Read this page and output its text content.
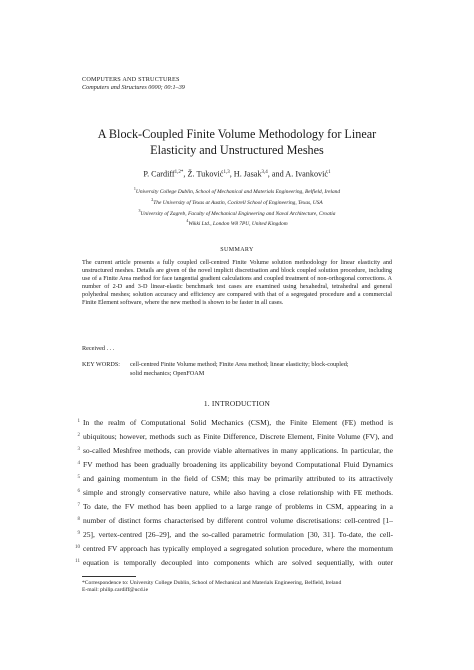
COMPUTERS AND STRUCTURES
Computers and Structures 0000; 00:1–39
A Block-Coupled Finite Volume Methodology for Linear
Elasticity and Unstructured Meshes
P. Cardiff$^{1,2*}$, Ž. Tuković$^{1,3}$, H. Jasak$^{3,4}$, and A. Ivanković$^1$
$^1$University College Dublin, School of Mechanical and Materials Engineering, Belfield, Ireland
$^2$The University of Texas at Austin, Cockrell School of Engineering, Texas, USA
$^3$University of Zagreb, Faculty of Mechanical Engineering and Naval Architecture, Croatia
$^4$Wikki Ltd., London W8 7PU, United Kingdom
SUMMARY
The current article presents a fully coupled cell-centred Finite Volume solution methodology for linear elasticity and unstructured meshes. Details are given of the novel implicit discretisation and block coupled solution procedure, including use of a Finite Area method for face tangential gradient calculations and coupled treatment of non-orthogonal corrections. A number of 2-D and 3-D linear-elastic benchmark test cases are examined using hexahedral, tetrahedral and general polyhedral meshes; solution accuracy and efficiency are compared with that of a segregated procedure and a commercial Finite Element software, where the new method is shown to be faster in all cases.
Received . . .
KEY WORDS:	cell-centred Finite Volume method; Finite Area method; linear elasticity; block-coupled;
solid mechanics; OpenFOAM
1. INTRODUCTION
1 In the realm of Computational Solid Mechanics (CSM), the Finite Element (FE) method is
2 ubiquitous; however, methods such as Finite Difference, Discrete Element, Finite Volume (FV), and
3 so-called Meshfree methods, can provide viable alternatives in many applications. In particular, the
4 FV method has been gradually broadening its applicability beyond Computational Fluid Dynamics
5 and gaining momentum in the field of CSM; this may be primarily attributed to its attractively
6 simple and strongly conservative nature, while also having a close relationship with FE methods.
7 To date, the FV method has been applied to a large range of problems in CSM, appearing in a
8 number of distinct forms characterised by different control volume discretisations: cell-centred [1–
9 25], vertex-centred [26–29], and the so-called parametric formulation [30, 31]. To-date, the cell-
10 centred FV approach has typically employed a segregated solution procedure, where the momentum
11 equation is temporally decoupled into components which are solved sequentially, with outer
*Correspondence to: University College Dublin, School of Mechanical and Materials Engineering, Belfield, Ireland
E-mail: philip.cardiff@ucd.ie
